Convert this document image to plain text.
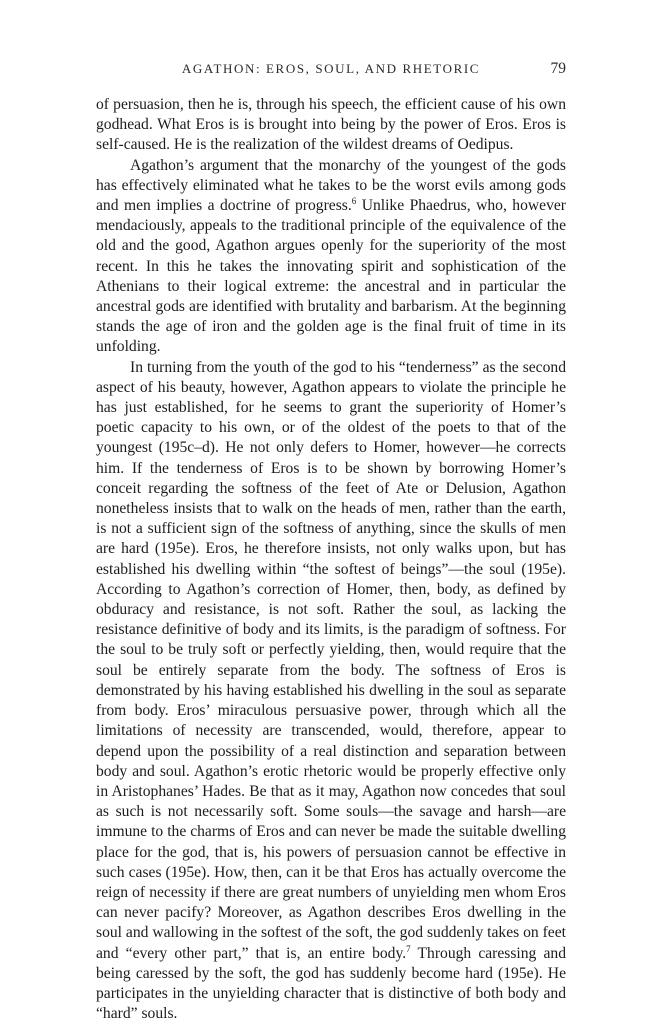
AGATHON: EROS, SOUL, AND RHETORIC	79

of persuasion, then he is, through his speech, the efficient cause of his own godhead. What Eros is is brought into being by the power of Eros. Eros is self-caused. He is the realization of the wildest dreams of Oedipus.

Agathon’s argument that the monarchy of the youngest of the gods has effectively eliminated what he takes to be the worst evils among gods and men implies a doctrine of progress.$^6$ Unlike Phaedrus, who, however mendaciously, appeals to the traditional principle of the equivalence of the old and the good, Agathon argues openly for the superiority of the most recent. In this he takes the innovating spirit and sophistication of the Athenians to their logical extreme: the ancestral and in particular the ancestral gods are identified with brutality and barbarism. At the beginning stands the age of iron and the golden age is the final fruit of time in its unfolding.

In turning from the youth of the god to his “tenderness” as the second aspect of his beauty, however, Agathon appears to violate the principle he has just established, for he seems to grant the superiority of Homer’s poetic capacity to his own, or of the oldest of the poets to that of the youngest (195c–d). He not only defers to Homer, however—he corrects him. If the tenderness of Eros is to be shown by borrowing Homer’s conceit regarding the softness of the feet of Ate or Delusion, Agathon nonetheless insists that to walk on the heads of men, rather than the earth, is not a sufficient sign of the softness of anything, since the skulls of men are hard (195e). Eros, he therefore insists, not only walks upon, but has established his dwelling within “the softest of beings”—the soul (195e). According to Agathon’s correction of Homer, then, body, as defined by obduracy and resistance, is not soft. Rather the soul, as lacking the resistance definitive of body and its limits, is the paradigm of softness. For the soul to be truly soft or perfectly yielding, then, would require that the soul be entirely separate from the body. The softness of Eros is demonstrated by his having established his dwelling in the soul as separate from body. Eros’ miraculous persuasive power, through which all the limitations of necessity are transcended, would, therefore, appear to depend upon the possibility of a real distinction and separation between body and soul. Agathon’s erotic rhetoric would be properly effective only in Aristophanes’ Hades. Be that as it may, Agathon now concedes that soul as such is not necessarily soft. Some souls—the savage and harsh—are immune to the charms of Eros and can never be made the suitable dwelling place for the god, that is, his powers of persuasion cannot be effective in such cases (195e). How, then, can it be that Eros has actually overcome the reign of necessity if there are great numbers of unyielding men whom Eros can never pacify? Moreover, as Agathon describes Eros dwelling in the soul and wallowing in the softest of the soft, the god suddenly takes on feet and “every other part,” that is, an entire body.$^7$ Through caressing and being caressed by the soft, the god has suddenly become hard (195e). He participates in the unyielding character that is distinctive of both body and “hard” souls.
